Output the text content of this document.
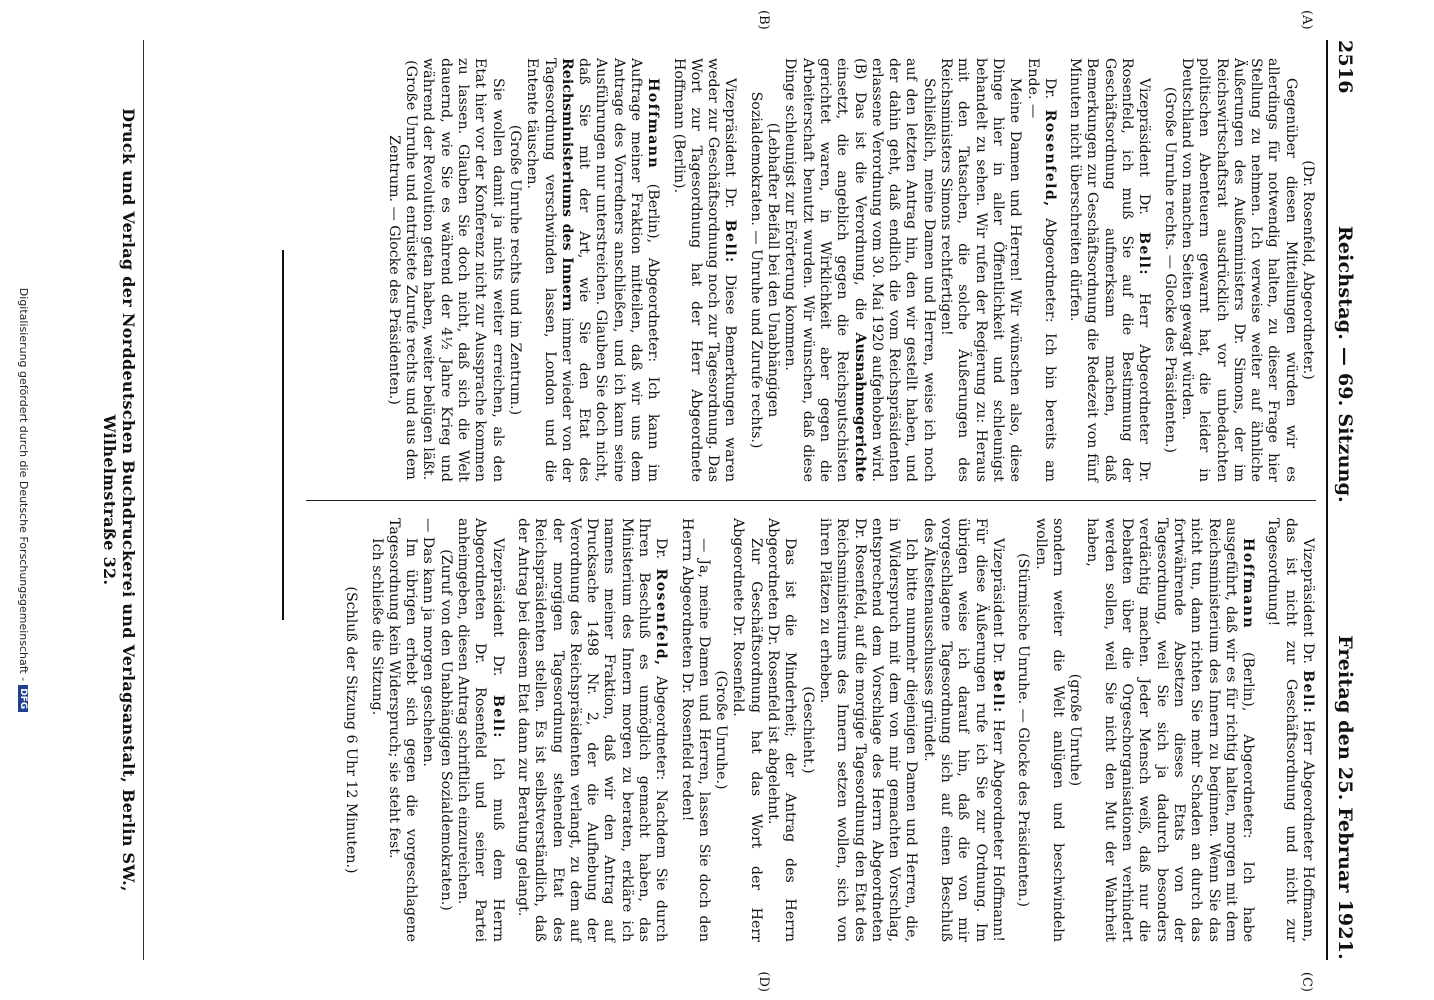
2516
Reichstag. — 69. Sitzung.
Freitag den 25. Februar 1921.
(A)
(B)
(C)
(D)

(Dr. Rosenfeld, Abgeordneter.)

Gegenüber diesen Mitteilungen würden wir es allerdings für notwendig halten, zu dieser Frage hier Stellung zu nehmen. Ich verweise weiter auf ähnliche Äußerungen des Außenministers Dr. Simons, der im Reichswirtschaftsrat ausdrücklich vor unbedachten politischen Abenteuern gewarnt hat, die leider in Deutschland von manchen Seiten gewagt würden.

(Große Unruhe rechts. — Glocke des Präsidenten.)

Vizepräsident Dr. Bell: Herr Abgeordneter Dr. Rosenfeld, ich muß Sie auf die Bestimmung der Geschäftsordnung aufmerksam machen, daß Bemerkungen zur Geschäftsordnung die Redezeit von fünf Minuten nicht überschreiten dürfen.

Dr. Rosenfeld, Abgeordneter: Ich bin bereits am Ende. —

Meine Damen und Herren! Wir wünschen also, diese Dinge hier in aller Öffentlichkeit und schleunigst behandelt zu sehen. Wir rufen der Regierung zu: Heraus mit den Tatsachen, die solche Äußerungen des Reichsministers Simons rechtfertigen!

Schließlich, meine Damen und Herren, weise ich noch auf den letzten Antrag hin, den wir gestellt haben, und der dahin geht, daß endlich die vom Reichspräsidenten erlassene Verordnung vom 30. Mai 1920 aufgehoben wird. (B) Das ist die Verordnung, die Ausnahmegerichte einsetzt, die angeblich gegen die Reichsputschisten gerichtet waren, in Wirklichkeit aber gegen die Arbeiterschaft benutzt wurden. Wir wünschen, daß diese Dinge schleunigst zur Erörterung kommen.

(Lebhafter Beifall bei den Unabhängigen Sozialdemokraten. — Unruhe und Zurufe rechts.)

Vizepräsident Dr. Bell: Diese Bemerkungen waren weder zur Geschäftsordnung noch zur Tagesordnung. Das Wort zur Tagesordnung hat der Herr Abgeordnete Hoffmann (Berlin).

Hoffmann (Berlin), Abgeordneter: Ich kann im Auftrage meiner Fraktion mitteilen, daß wir uns dem Antrage des Vorredners anschließen, und ich kann seine Ausführungen nur unterstreichen. Glauben Sie doch nicht, daß Sie mit der Art, wie Sie den Etat des Reichsministeriums des Innern immer wieder von der Tagesordnung verschwinden lassen, London und die Entente täuschen.

(Große Unruhe rechts und im Zentrum.)

Sie wollen damit ja nichts weiter erreichen, als den Etat hier vor der Konferenz nicht zur Aussprache kommen zu lassen. Glauben Sie doch nicht, daß sich die Welt dauernd, wie Sie es während der 4½ Jahre Krieg und während der Revolution getan haben, weiter belügen läßt.

(Große Unruhe und entrüstete Zurufe rechts und aus dem Zentrum. — Glocke des Präsidenten.)

Vizepräsident Dr. Bell: Herr Abgeordneter Hoffmann, das ist nicht zur Geschäftsordnung und nicht zur Tagesordnung!

Hoffmann (Berlin), Abgeordneter: Ich habe ausgeführt, daß wir es für richtig halten, morgen mit dem Reichsministerium des Innern zu beginnen. Wenn Sie das nicht tun, dann richten Sie mehr Schaden an durch das fortwährende Absetzen dieses Etats von der Tagesordnung, weil Sie sich ja dadurch besonders verdächtig machen. Jeder Mensch weiß, daß nur die Debatten über die Orgeschorganisationen verhindert werden sollen, weil Sie nicht den Mut der Wahrheit haben,

(große Unruhe)

sondern weiter die Welt anlügen und beschwindeln wollen.

(Stürmische Unruhe. — Glocke des Präsidenten.)

Vizepräsident Dr. Bell: Herr Abgeordneter Hoffmann! Für diese Äußerungen rufe ich Sie zur Ordnung. Im übrigen weise ich darauf hin, daß die von mir vorgeschlagene Tagesordnung sich auf einen Beschluß des Ältestenausschusses gründet.

Ich bitte nunmehr diejenigen Damen und Herren, die, in Widerspruch mit dem von mir gemachten Vorschlag, entsprechend dem Vorschlage des Herrn Abgeordneten Dr. Rosenfeld, auf die morgige Tagesordnung den Etat des Reichsministeriums des Innern setzen wollen, sich von ihren Plätzen zu erheben.

(Geschieht.)

Das ist die Minderheit; der Antrag des Herrn Abgeordneten Dr. Rosenfeld ist abgelehnt.

Zur Geschäftsordnung hat das Wort der Herr Abgeordnete Dr. Rosenfeld.

(Große Unruhe.)

— Ja, meine Damen und Herren, lassen Sie doch den Herrn Abgeordneten Dr. Rosenfeld reden!

Dr. Rosenfeld, Abgeordneter: Nachdem Sie durch Ihren Beschluß es unmöglich gemacht haben, das Ministerium des Innern morgen zu beraten, erkläre ich namens meiner Fraktion, daß wir den Antrag auf Drucksache 1498 Nr. 2, der die Aufhebung der Verordnung des Reichspräsidenten verlangt, zu dem auf der morgigen Tagesordnung stehenden Etat des Reichspräsidenten stellen. Es ist selbstverständlich, daß der Antrag bei diesem Etat dann zur Beratung gelangt.

Vizepräsident Dr. Bell: Ich muß dem Herrn Abgeordneten Dr. Rosenfeld und seiner Partei anheimgeben, diesen Antrag schriftlich einzureichen.

(Zuruf von den Unabhängigen Sozialdemokraten.)

— Das kann ja morgen geschehen.

Im übrigen erhebt sich gegen die vorgeschlagene Tagesordnung kein Widerspruch; sie steht fest.

Ich schließe die Sitzung.

(Schluß der Sitzung 6 Uhr 12 Minuten.)

Druck und Verlag der Norddeutschen Buchdruckerei und Verlagsanstalt, Berlin SW., Wilhelmstraße 32.
Digitalisierung gefördert durch die Deutsche Forschungsgemeinschaft -DFG
